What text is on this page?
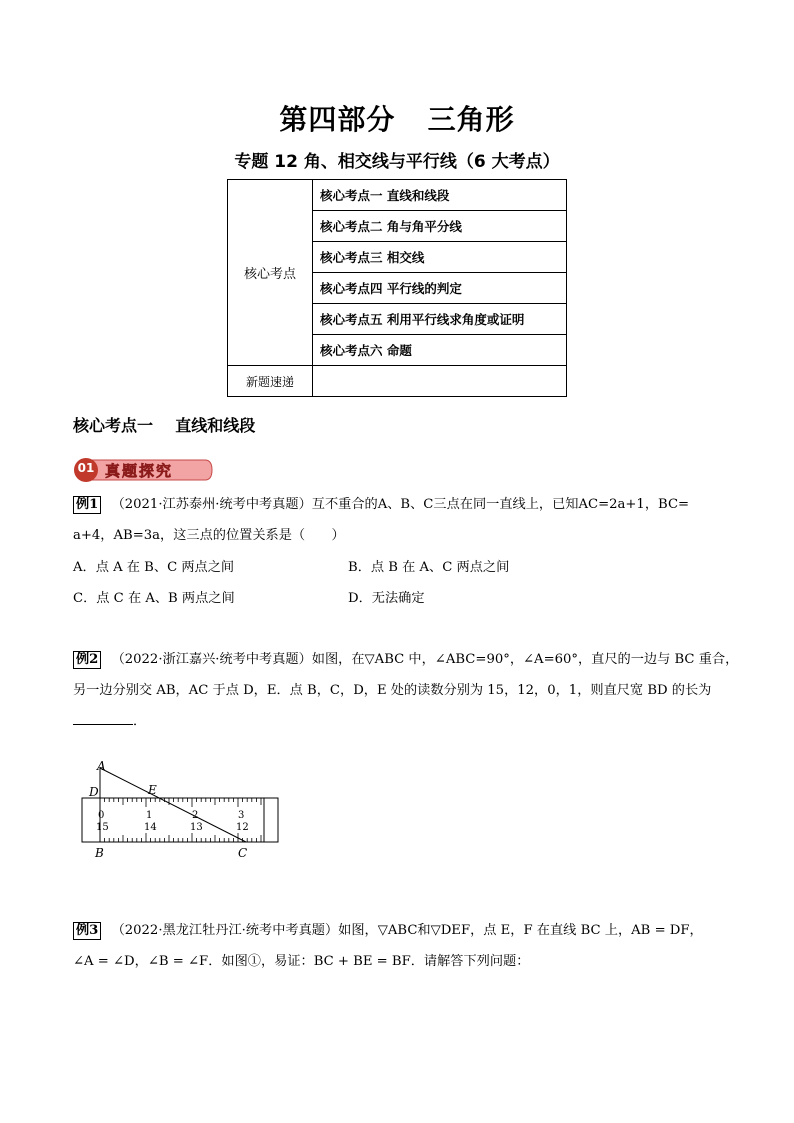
第四部分   三角形
专题 12 角、相交线与平行线（6 大考点）
核心考点	核心考点一 直线和线段
	核心考点二 角与角平分线
	核心考点三 相交线
	核心考点四 平行线的判定
	核心考点五 利用平行线求角度或证明
	核心考点六 命题
新题速递	
核心考点一    直线和线段
01 真题探究
例1 （2021·江苏泰州·统考中考真题）互不重合的A、B、C三点在同一直线上，已知AC=2a+1，BC=
a+4，AB=3a，这三点的位置关系是（　　）
A．点 A 在 B、C 两点之间	B．点 B 在 A、C 两点之间
C．点 C 在 A、B 两点之间	D．无法确定
例2 （2022·浙江嘉兴·统考中考真题）如图，在▽ABC 中，∠ABC=90°，∠A=60°，直尺的一边与 BC 重合，
另一边分别交 AB，AC 于点 D，E．点 B，C，D，E 处的读数分别为 15，12，0，1，则直尺宽 BD 的长为
．
A
D	E
B	C
0	1	2	3
15	14	13	12
例3 （2022·黑龙江牡丹江·统考中考真题）如图，▽ABC和▽DEF，点 E，F 在直线 BC 上，AB = DF，
∠A = ∠D，∠B = ∠F．如图①，易证：BC + BE = BF．请解答下列问题：
